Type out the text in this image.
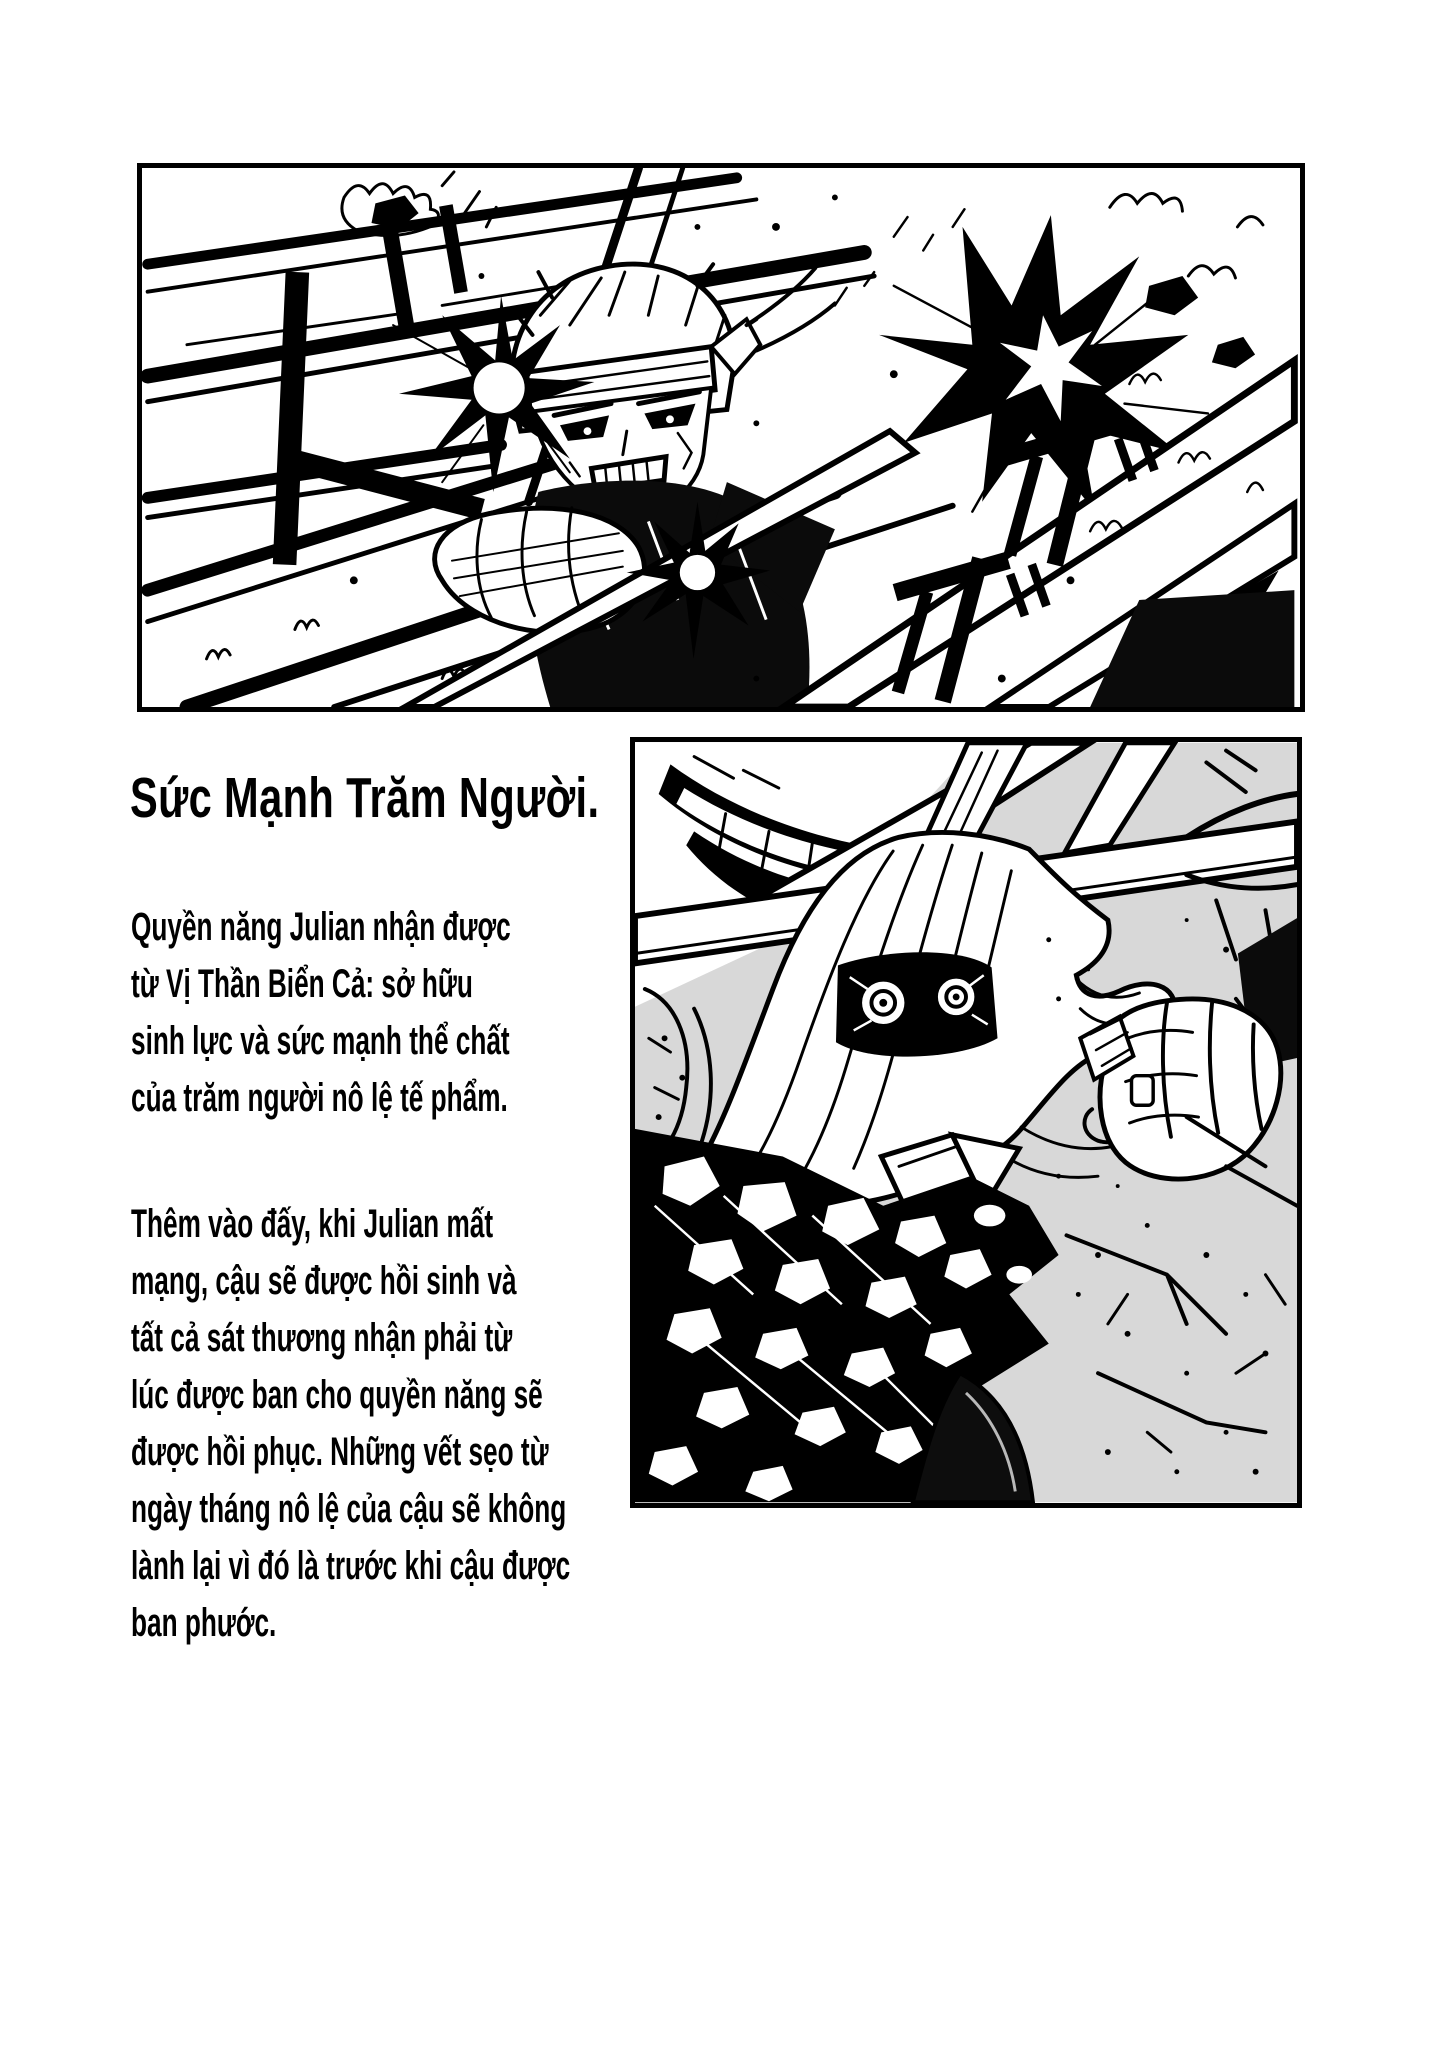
Sức Mạnh Trăm Người.

Quyền năng Julian nhận được
từ Vị Thần Biển Cả: sở hữu
sinh lực và sức mạnh thể chất
của trăm người nô lệ tế phẩm.

Thêm vào đấy, khi Julian mất
mạng, cậu sẽ được hồi sinh và
tất cả sát thương nhận phải từ
lúc được ban cho quyền năng sẽ
được hồi phục. Những vết sẹo từ
ngày tháng nô lệ của cậu sẽ không
lành lại vì đó là trước khi cậu được
ban phước.
